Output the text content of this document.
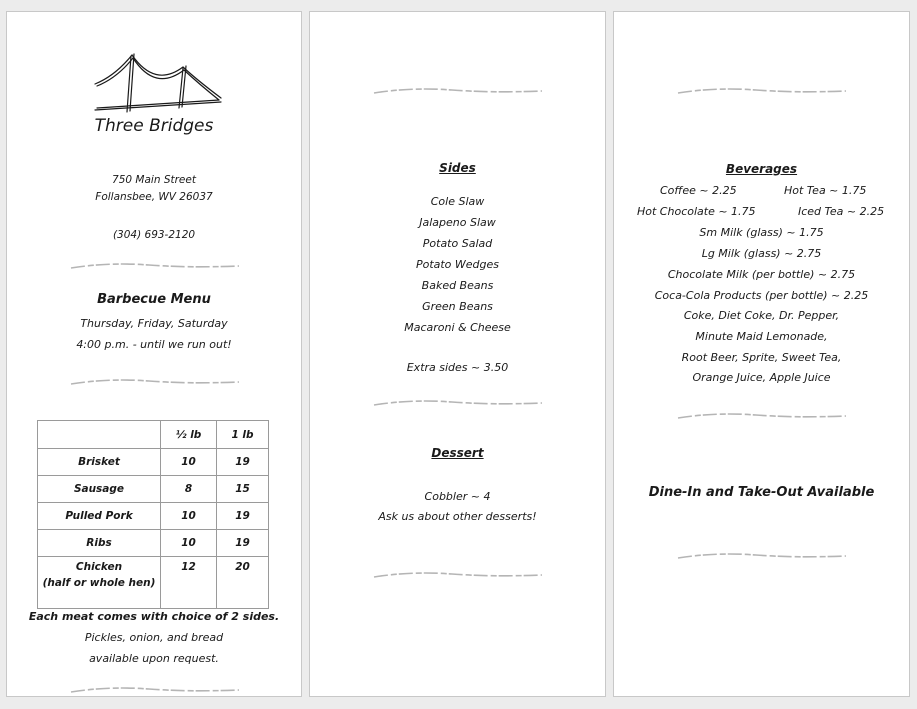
Three Bridges
750 Main Street
Follansbee, WV 26037
(304) 693-2120
Barbecue Menu
Thursday, Friday, Saturday
4:00 p.m. - until we run out!
	½ lb	1 lb
Brisket	10	19
Sausage	8	15
Pulled Pork	10	19
Ribs	10	19
Chicken
(half or whole hen)	12	20
Each meat comes with choice of 2 sides.
Pickles, onion, and bread
available upon request.
Sides
Cole Slaw
Jalapeno Slaw
Potato Salad
Potato Wedges
Baked Beans
Green Beans
Macaroni & Cheese
Extra sides ~ 3.50
Dessert
Cobbler ~ 4
Ask us about other desserts!
Beverages
Coffee ~ 2.25	Hot Tea ~ 1.75
Hot Chocolate ~ 1.75	Iced Tea ~ 2.25
Sm Milk (glass) ~ 1.75
Lg Milk (glass) ~ 2.75
Chocolate Milk (per bottle) ~ 2.75
Coca-Cola Products (per bottle) ~ 2.25
Coke, Diet Coke, Dr. Pepper,
Minute Maid Lemonade,
Root Beer, Sprite, Sweet Tea,
Orange Juice, Apple Juice
Dine-In and Take-Out Available
